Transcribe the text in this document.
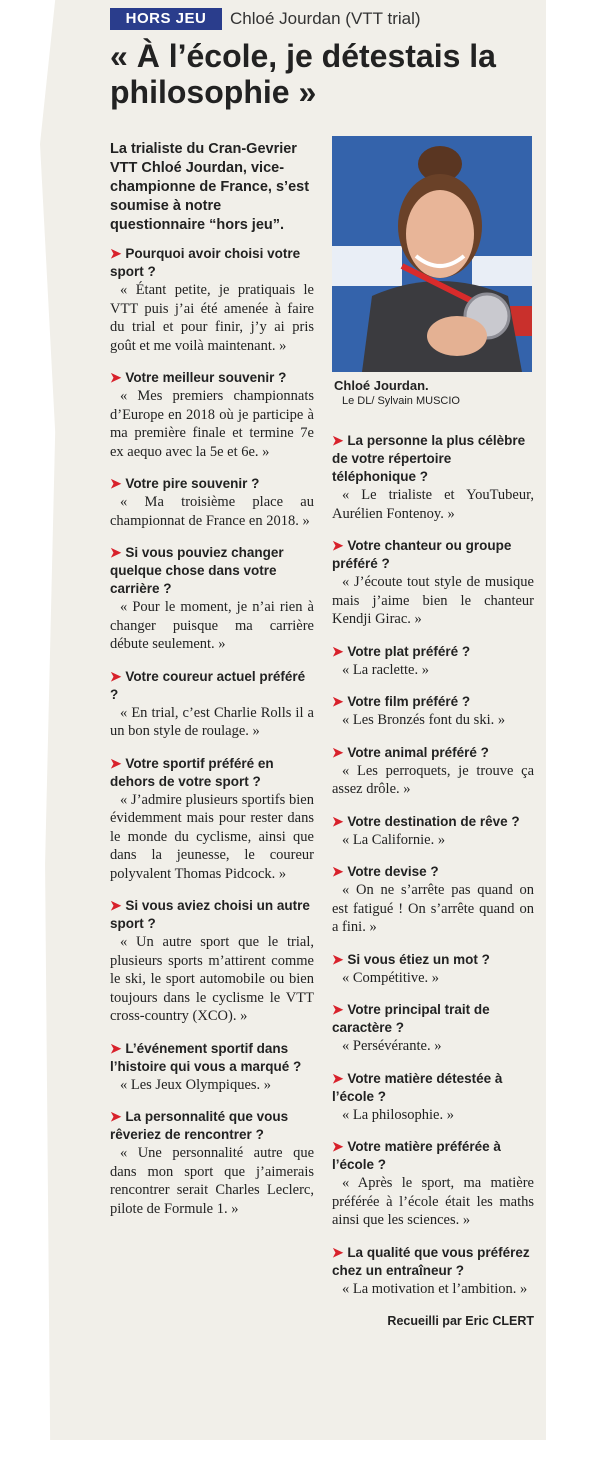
HORS JEU	Chloé Jourdan (VTT trial)
« À l’école, je détestais la philosophie »

La trialiste du Cran-Gevrier VTT Chloé Jourdan, vice-championne de France, s’est soumise à notre questionnaire “hors jeu”.

➤ Pourquoi avoir choisi votre sport ?

« Étant petite, je pratiquais le VTT puis j’ai été amenée à faire du trial et pour finir, j’y ai pris goût et me voilà maintenant. »

➤ Votre meilleur souvenir ?

« Mes premiers championnats d’Europe en 2018 où je participe à ma première finale et termine 7e ex aequo avec la 5e et 6e. »

➤ Votre pire souvenir ?

« Ma troisième place au championnat de France en 2018. »

➤ Si vous pouviez changer quelque chose dans votre carrière ?

« Pour le moment, je n’ai rien à changer puisque ma carrière débute seulement. »

➤ Votre coureur actuel préféré ?

« En trial, c’est Charlie Rolls il a un bon style de roulage. »

➤ Votre sportif préféré en dehors de votre sport ?

« J’admire plusieurs sportifs bien évidemment mais pour rester dans le monde du cyclisme, ainsi que dans la jeunesse, le coureur polyvalent Thomas Pidcock. »

➤ Si vous aviez choisi un autre sport ?

« Un autre sport que le trial, plusieurs sports m’attirent comme le ski, le sport automobile ou bien toujours dans le cyclisme le VTT cross-country (XCO). »

➤ L’événement sportif dans l’histoire qui vous a marqué ?

« Les Jeux Olympiques. »

➤ La personnalité que vous rêveriez de rencontrer ?

« Une personnalité autre que dans mon sport que j’aimerais rencontrer serait Charles Leclerc, pilote de Formule 1. »

Chloé Jourdan.

Le DL/ Sylvain MUSCIO

➤ La personne la plus célèbre de votre répertoire téléphonique ?

« Le trialiste et YouTubeur, Aurélien Fontenoy. »

➤ Votre chanteur ou groupe préféré ?

« J’écoute tout style de musique mais j’aime bien le chanteur Kendji Girac. »

➤ Votre plat préféré ?

« La raclette. »

➤ Votre film préféré ?

« Les Bronzés font du ski. »

➤ Votre animal préféré ?

« Les perroquets, je trouve ça assez drôle. »

➤ Votre destination de rêve ?

« La Californie. »

➤ Votre devise ?

« On ne s’arrête pas quand on est fatigué ! On s’arrête quand on a fini. »

➤ Si vous étiez un mot ?

« Compétitive. »

➤ Votre principal trait de caractère ?

« Persévérante. »

➤ Votre matière détestée à l’école ?

« La philosophie. »

➤ Votre matière préférée à l’école ?

« Après le sport, ma matière préférée à l’école était les maths ainsi que les sciences. »

➤ La qualité que vous préférez chez un entraîneur ?

« La motivation et l’ambition. »

Recueilli par Eric CLERT
